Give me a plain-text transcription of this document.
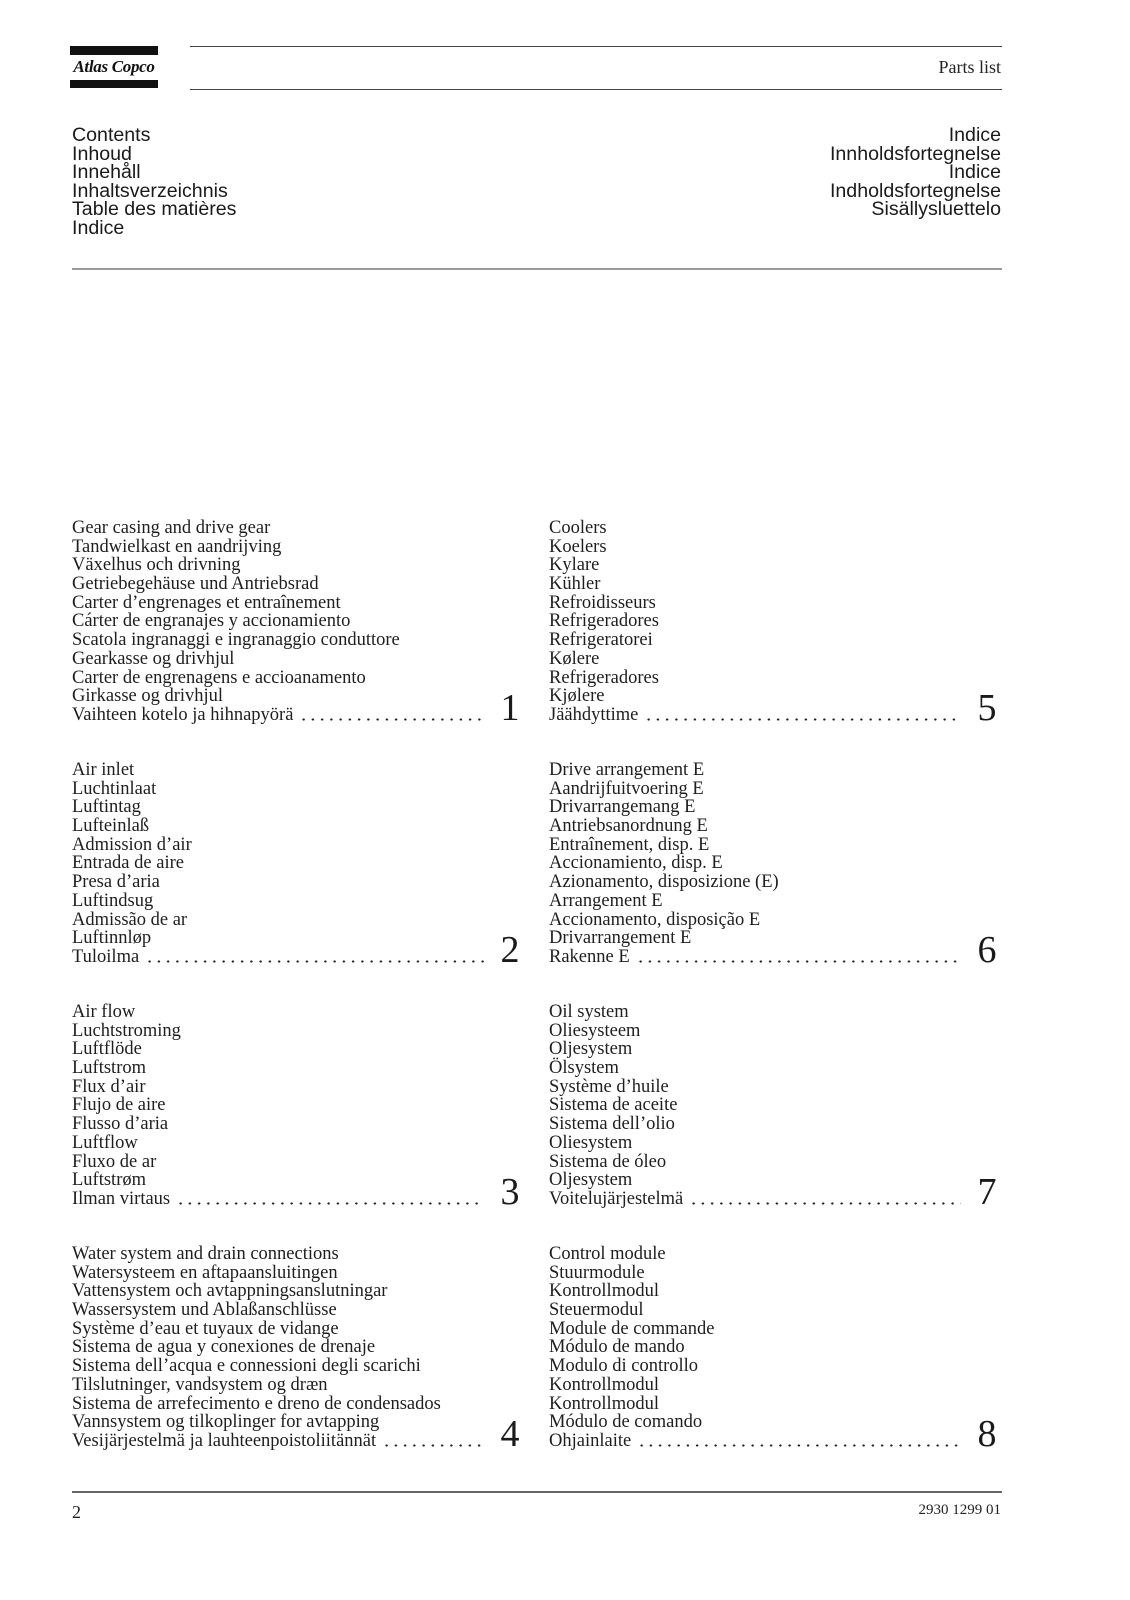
Atlas Copco	Parts list
Contents
Inhoud
Innehåll
Inhaltsverzeichnis
Table des matières
Indice
Indice
Innholdsfortegnelse
Indice
Indholdsfortegnelse
Sisällysluettelo
Gear casing and drive gear
Tandwielkast en aandrijving
Växelhus och drivning
Getriebegehäuse und Antriebsrad
Carter d’engrenages et entraînement
Cárter de engranajes y accionamiento
Scatola ingranaggi e ingranaggio conduttore
Gearkasse og drivhjul
Carter de engrenagens e accioanamento
Girkasse og drivhjul
Vaihteen kotelo ja hihnapyörä	1
Coolers
Koelers
Kylare
Kühler
Refroidisseurs
Refrigeradores
Refrigeratorei
Kølere
Refrigeradores
Kjølere
Jäähdyttime	5
Air inlet
Luchtinlaat
Luftintag
Lufteinlaß
Admission d’air
Entrada de aire
Presa d’aria
Luftindsug
Admissão de ar
Luftinnløp
Tuloilma	2
Drive arrangement E
Aandrijfuitvoering E
Drivarrangemang E
Antriebsanordnung E
Entraînement, disp. E
Accionamiento, disp. E
Azionamento, disposizione (E)
Arrangement E
Accionamento, disposição E
Drivarrangement E
Rakenne E	6
Air flow
Luchtstroming
Luftflöde
Luftstrom
Flux d’air
Flujo de aire
Flusso d’aria
Luftflow
Fluxo de ar
Luftstrøm
Ilman virtaus	3
Oil system
Oliesysteem
Oljesystem
Ölsystem
Système d’huile
Sistema de aceite
Sistema dell’olio
Oliesystem
Sistema de óleo
Oljesystem
Voitelujärjestelmä	7
Water system and drain connections
Watersysteem en aftapaansluitingen
Vattensystem och avtappningsanslutningar
Wassersystem und Ablaßanschlüsse
Système d’eau et tuyaux de vidange
Sistema de agua y conexiones de drenaje
Sistema dell’acqua e connessioni degli scarichi
Tilslutninger, vandsystem og dræn
Sistema de arrefecimento e dreno de condensados
Vannsystem og tilkoplinger for avtapping
Vesijärjestelmä ja lauhteenpoistoliitännät	4
Control module
Stuurmodule
Kontrollmodul
Steuermodul
Module de commande
Módulo de mando
Modulo di controllo
Kontrollmodul
Kontrollmodul
Módulo de comando
Ohjainlaite	8
2	2930 1299 01
